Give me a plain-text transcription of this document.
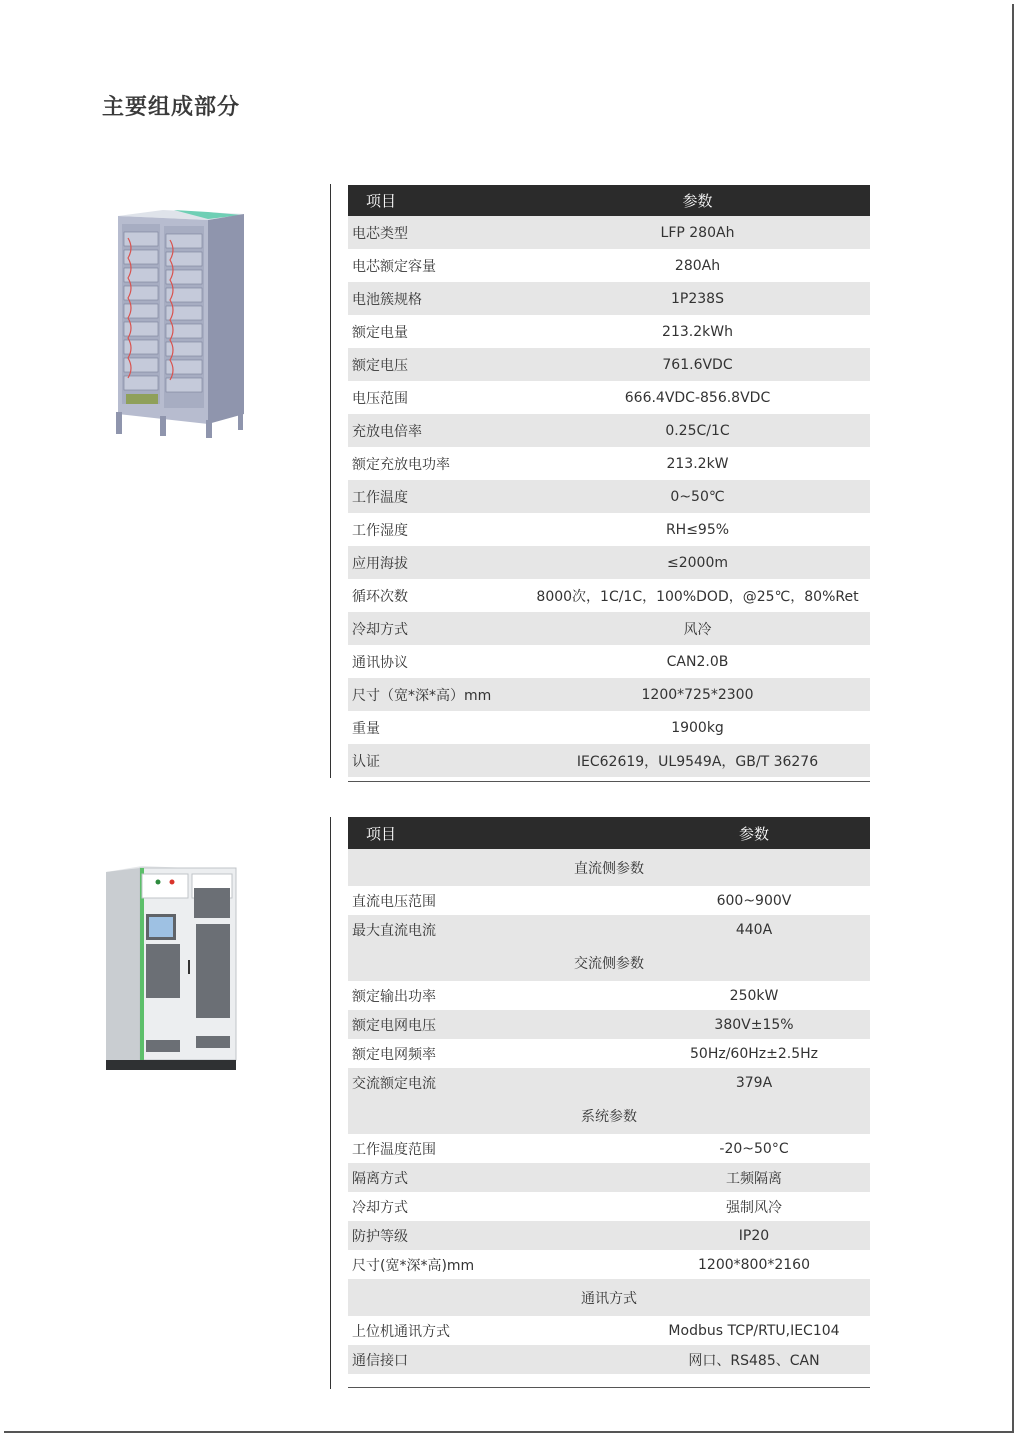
主要组成部分
项目	参数
电芯类型	LFP 280Ah
电芯额定容量	280Ah
电池簇规格	1P238S
额定电量	213.2kWh
额定电压	761.6VDC
电压范围	666.4VDC-856.8VDC
充放电倍率	0.25C/1C
额定充放电功率	213.2kW
工作温度	0~50℃
工作湿度	RH≤95%
应用海拔	≤2000m
循环次数	8000次，1C/1C，100%DOD，@25℃，80%Ret
冷却方式	风冷
通讯协议	CAN2.0B
尺寸（宽*深*高）mm	1200*725*2300
重量	1900kg
认证	IEC62619，UL9549A，GB/T 36276
项目	参数
直流侧参数	
直流电压范围	600~900V
最大直流电流	440A
交流侧参数	
额定输出功率	250kW
额定电网电压	380V±15%
额定电网频率	50Hz/60Hz±2.5Hz
交流额定电流	379A
系统参数	
工作温度范围	-20~50°C
隔离方式	工频隔离
冷却方式	强制风冷
防护等级	IP20
尺寸(宽*深*高)mm	1200*800*2160
通讯方式	
上位机通讯方式	Modbus TCP/RTU,IEC104
通信接口	网口、RS485、CAN
